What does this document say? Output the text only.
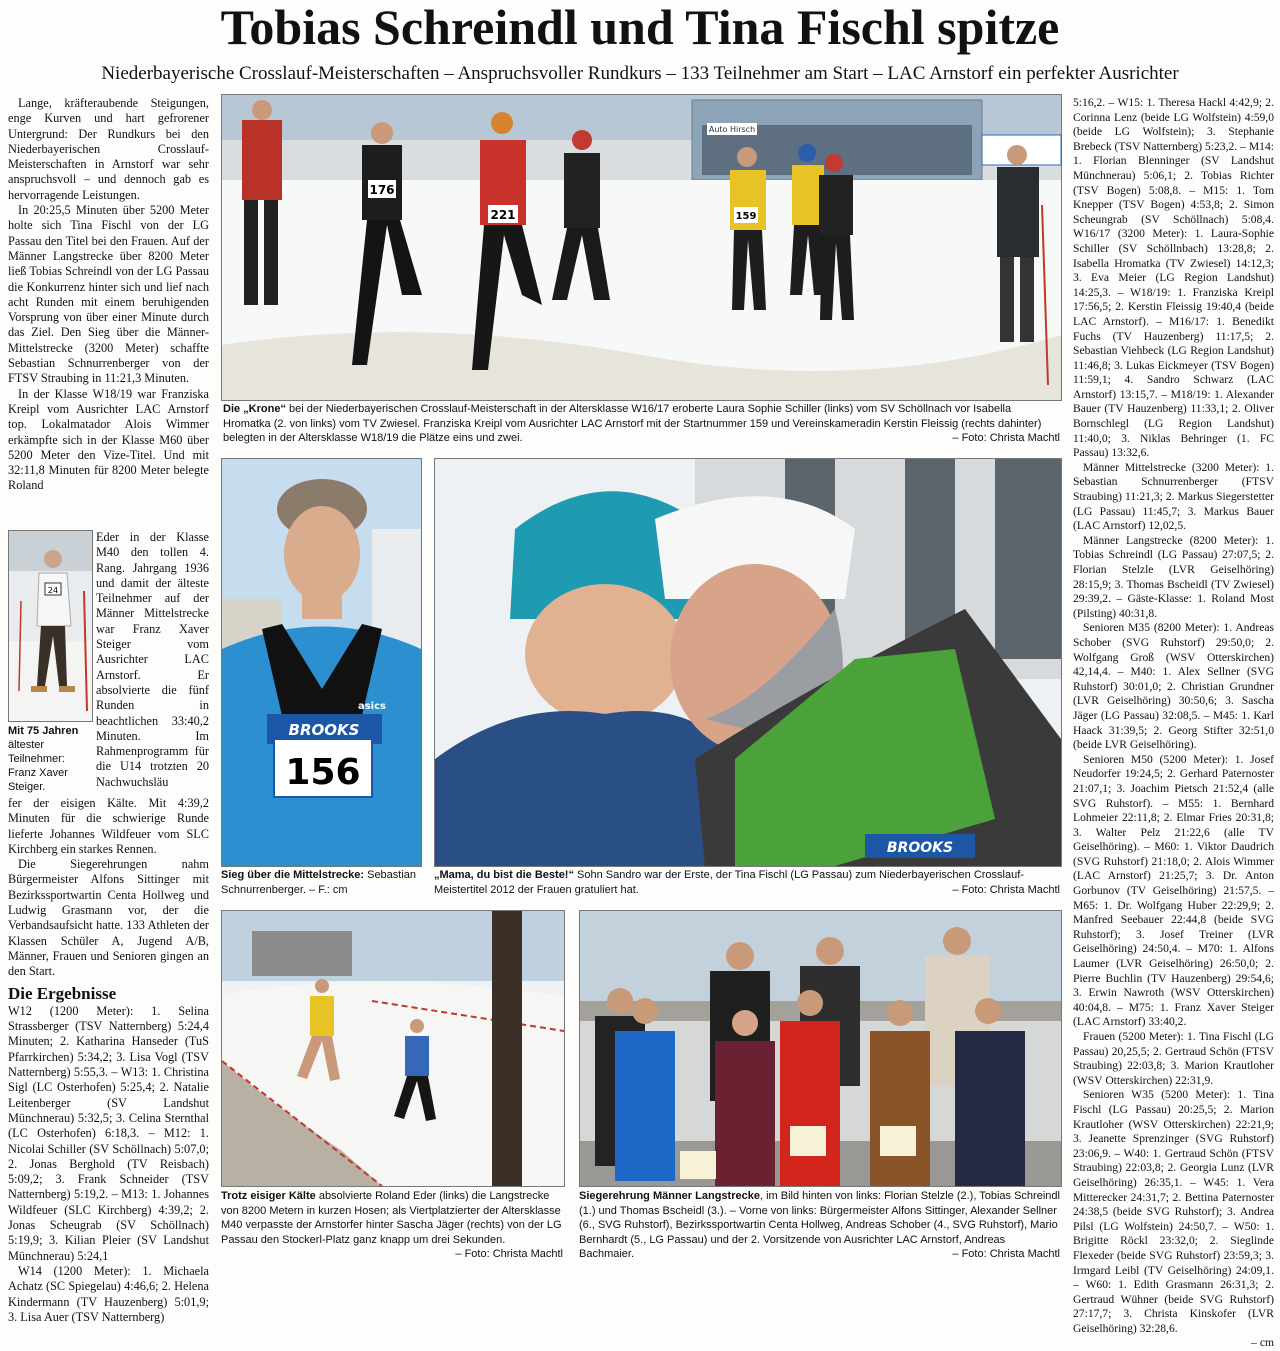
Tobias Schreindl und Tina Fischl spitze
Niederbayerische Crosslauf-Meisterschaften – Anspruchsvoller Rundkurs – 133 Teilnehmer am Start – LAC Arnstorf ein perfekter Ausrichter

Lange, kräfteraubende Steigungen, enge Kurven und hart gefrorener Untergrund: Der Rundkurs bei den Niederbayerischen Crosslauf-Meisterschaften in Arnstorf war sehr anspruchsvoll – und dennoch gab es hervorragende Leistungen.

In 20:25,5 Minuten über 5200 Meter holte sich Tina Fischl von der LG Passau den Titel bei den Frauen. Auf der Männer Langstrecke über 8200 Meter ließ Tobias Schreindl von der LG Passau die Konkurrenz hinter sich und lief nach acht Runden mit einem beruhigenden Vorsprung von über einer Minute durch das Ziel. Den Sieg über die Männer-Mittelstrecke (3200 Meter) schaffte Sebastian Schnurrenberger von der FTSV Straubing in 11:21,3 Minuten.

In der Klasse W18/19 war Franziska Kreipl vom Ausrichter LAC Arnstorf top. Lokalmatador Alois Wimmer erkämpfte sich in der Klasse M60 über 5200 Meter den Vize-Titel. Und mit 32:11,8 Minuten für 8200 Meter belegte Roland

24
Mit 75 Jahren ältester Teilnehmer: Franz Xaver Steiger.

Eder in der Klasse M40 den tollen 4. Rang. Jahrgang 1936 und damit der älteste Teilnehmer auf der Männer Mittelstrecke war Franz Xaver Steiger vom Ausrichter LAC Arnstorf. Er absolvierte die fünf Runden in beachtlichen 33:40,2 Minuten. Im Rahmenprogramm für die U14 trotzten 20 Nachwuchsläu

fer der eisigen Kälte. Mit 4:39,2 Minuten für die schwierige Runde lieferte Johannes Wildfeuer vom SLC Kirchberg ein starkes Rennen.

Die Siegerehrungen nahm Bürgermeister Alfons Sittinger mit Bezirkssportwartin Centa Hollweg und Ludwig Grasmann vor, der die Verbandsaufsicht hatte. 133 Athleten der Klassen Schüler A, Jugend A/B, Männer, Frauen und Senioren gingen an den Start.

Die Ergebnisse

W12 (1200 Meter): 1. Selina Strassberger (TSV Natternberg) 5:24,4 Minuten; 2. Katharina Hanseder (TuS Pfarrkirchen) 5:34,2; 3. Lisa Vogl (TSV Natternberg) 5:55,3. – W13: 1. Christina Sigl (LC Osterhofen) 5:25,4; 2. Natalie Leitenberger (SV Landshut Münchnerau) 5:32,5; 3. Celina Sternthal (LC Osterhofen) 6:18,3. – M12: 1. Nicolai Schiller (SV Schöllnach) 5:07,0; 2. Jonas Berghold (TV Reisbach) 5:09,2; 3. Frank Schneider (TSV Natternberg) 5:19,2. – M13: 1. Johannes Wildfeuer (SLC Kirchberg) 4:39,2; 2. Jonas Scheugrab (SV Schöllnach) 5:19,9; 3. Kilian Pleier (SV Landshut Münchnerau) 5:24,1

W14 (1200 Meter): 1. Michaela Achatz (SC Spiegelau) 4:46,6; 2. Helena Kindermann (TV Hauzenberg) 5:01,9; 3. Lisa Auer (TSV Natternberg)

Auto Hirsch
176
221	159
Die „Krone“ bei der Niederbayerischen Crosslauf-Meisterschaft in der Altersklasse W16/17 eroberte Laura Sophie Schiller (links) vom SV Schöllnach vor Isabella Hromatka (2. von links) vom TV Zwiesel. Franziska Kreipl vom Ausrichter LAC Arnstorf mit der Startnummer 159 und Vereinskameradin Kerstin Fleissig (rechts dahinter) belegten in der Altersklasse W18/19 die Plätze eins und zwei.	– Foto: Christa Machtl
BROOKS
asics
156
Sieg über die Mittelstrecke: Sebastian Schnurrenberger. – F.: cm
BROOKS
„Mama, du bist die Beste!“ Sohn Sandro war der Erste, der Tina Fischl (LG Passau) zum Niederbayerischen Crosslauf-Meistertitel 2012 der Frauen gratuliert hat.	– Foto: Christa Machtl
Trotz eisiger Kälte absolvierte Roland Eder (links) die Langstrecke von 8200 Metern in kurzen Hosen; als Viertplatzierter der Altersklasse M40 verpasste der Arnstorfer hinter Sascha Jäger (rechts) von der LG Passau den Stockerl-Platz ganz knapp um drei Sekunden.
– Foto: Christa Machtl
Siegerehrung Männer Langstrecke, im Bild hinten von links: Florian Stelzle (2.), Tobias Schreindl (1.) und Thomas Bscheidl (3.). – Vorne von links: Bürgermeister Alfons Sittinger, Alexander Sellner (6., SVG Ruhstorf), Bezirkssportwartin Centa Hollweg, Andreas Schober (4., SVG Ruhstorf), Mario Bernhardt (5., LG Passau) und der 2. Vorsitzende von Ausrichter LAC Arnstorf, Andreas Bachmaier.	– Foto: Christa Machtl

5:16,2. – W15: 1. Theresa Hackl 4:42,9; 2. Corinna Lenz (beide LG Wolfstein) 4:59,0 (beide LG Wolfstein); 3. Stephanie Brebeck (TSV Natternberg) 5:23,2. – M14: 1. Florian Blenninger (SV Landshut Münchnerau) 5:06,1; 2. Tobias Richter (TSV Bogen) 5:08,8. – M15: 1. Tom Knepper (TSV Bogen) 4:53,8; 2. Simon Scheungrab (SV Schöllnach) 5:08,4. W16/17 (3200 Meter): 1. Laura-Sophie Schiller (SV Schöllnbach) 13:28,8; 2. Isabella Hromatka (TV Zwiesel) 14:12,3; 3. Eva Meier (LG Region Landshut) 14:25,3. – W18/19: 1. Franziska Kreipl 17:56,5; 2. Kerstin Fleissig 19:40,4 (beide LAC Arnstorf). – M16/17: 1. Benedikt Fuchs (TV Hauzenberg) 11:17,5; 2. Sebastian Viehbeck (LG Region Landshut) 11:46,8; 3. Lukas Eickmeyer (TSV Bogen) 11:59,1; 4. Sandro Schwarz (LAC Arnstorf) 13:15,7. – M18/19: 1. Alexander Bauer (TV Hauzenberg) 11:33,1; 2. Oliver Bornschlegl (LG Region Landshut) 11:40,0; 3. Niklas Behringer (1. FC Passau) 13:32,6.

Männer Mittelstrecke (3200 Meter): 1. Sebastian Schnurrenberger (FTSV Straubing) 11:21,3; 2. Markus Siegerstetter (LG Passau) 11:45,7; 3. Markus Bauer (LAC Arnstorf) 12,02,5.

Männer Langstrecke (8200 Meter): 1. Tobias Schreindl (LG Passau) 27:07,5; 2. Florian Stelzle (LVR Geiselhöring) 28:15,9; 3. Thomas Bscheidl (TV Zwiesel) 29:39,2. – Gäste-Klasse: 1. Roland Most (Pilsting) 40:31,8.

Senioren M35 (8200 Meter): 1. Andreas Schober (SVG Ruhstorf) 29:50,0; 2. Wolfgang Groß (WSV Otterskirchen) 42,14,4. – M40: 1. Alex Sellner (SVG Ruhstorf) 30:01,0; 2. Christian Grundner (LVR Geiselhöring) 30:50,6; 3. Sascha Jäger (LG Passau) 32:08,5. – M45: 1. Karl Haack 31:39,5; 2. Georg Stifter 32:51,0 (beide LVR Geiselhöring).

Senioren M50 (5200 Meter): 1. Josef Neudorfer 19:24,5; 2. Gerhard Paternoster 21:07,1; 3. Joachim Pietsch 21:52,4 (alle SVG Ruhstorf). – M55: 1. Bernhard Lohmeier 22:11,8; 2. Elmar Fries 20:31,8; 3. Walter Pelz 21:22,6 (alle TV Geiselhöring). – M60: 1. Viktor Daudrich (SVG Ruhstorf) 21:18,0; 2. Alois Wimmer (LAC Arnstorf) 21:25,7; 3. Dr. Anton Gorbunov (TV Geiselhöring) 21:57,5. – M65: 1. Dr. Wolfgang Huber 22:29,9; 2. Manfred Seebauer 22:44,8 (beide SVG Ruhstorf); 3. Josef Treiner (LVR Geiselhöring) 24:50,4. – M70: 1. Alfons Laumer (LVR Geiselhöring) 26:50,0; 2. Pierre Buchlin (TV Hauzenberg) 29:54,6; 3. Erwin Nawroth (WSV Otterskirchen) 40:04,8. – M75: 1. Franz Xaver Steiger (LAC Arnstorf) 33:40,2.

Frauen (5200 Meter): 1. Tina Fischl (LG Passau) 20,25,5; 2. Gertraud Schön (FTSV Straubing) 22:03,8; 3. Marion Krautloher (WSV Otterskirchen) 22:31,9.

Senioren W35 (5200 Meter): 1. Tina Fischl (LG Passau) 20:25,5; 2. Marion Krautloher (WSV Otterskirchen) 22:21,9; 3. Jeanette Sprenzinger (SVG Ruhstorf) 23:06,9. – W40: 1. Gertraud Schön (FTSV Straubing) 22:03,8; 2. Georgia Lunz (LVR Geiselhöring) 26:35,1. – W45: 1. Vera Mitterecker 24:31,7; 2. Bettina Paternoster 24:38,5 (beide SVG Ruhstorf); 3. Andrea Pilsl (LG Wolfstein) 24:50,7. – W50: 1. Brigitte Röckl 23:32,0; 2. Sieglinde Flexeder (beide SVG Ruhstorf) 23:59,3; 3. Irmgard Leibl (TV Geiselhöring) 24:09,1. – W60: 1. Edith Grasmann 26:31,3; 2. Gertraud Wühner (beide SVG Ruhstorf) 27:17,7; 3. Christa Kinskofer (LVR Geiselhöring) 32:28,6.

– cm
